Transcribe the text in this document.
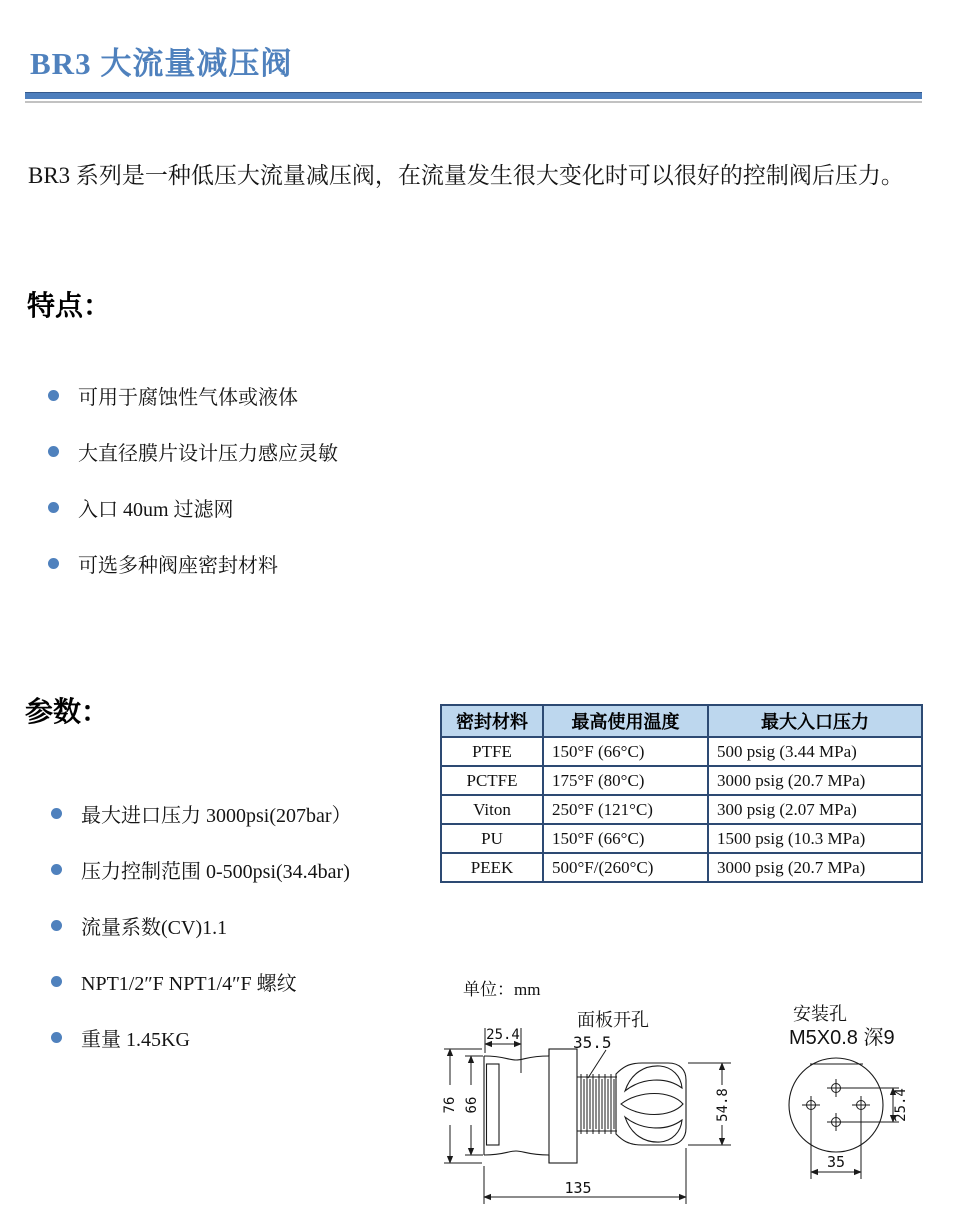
BR3 大流量减压阀
BR3 系列是一种低压大流量减压阀，在流量发生很大变化时可以很好的控制阀后压力。
特点：
可用于腐蚀性气体或液体
大直径膜片设计压力感应灵敏
入口 40um 过滤网
可选多种阀座密封材料
参数：
最大进口压力 3000psi(207bar）
压力控制范围 0-500psi(34.4bar)
流量系数(CV)1.1
NPT1/2″F NPT1/4″F 螺纹
重量 1.45KG
密封材料	最高使用温度	最大入口压力
PTFE	150°F (66°C)	500 psig (3.44 MPa)
PCTFE	175°F (80°C)	3000 psig (20.7 MPa)
Viton	250°F (121°C)	300 psig (2.07 MPa)
PU	150°F (66°C)	1500 psig (10.3 MPa)
PEEK	500°F/(260°C)	3000 psig (20.7 MPa)
单位：mm
面板开孔
35.5
25.4
76 66	54.8
135
安装孔
M5X0.8 深9
25.4
35
